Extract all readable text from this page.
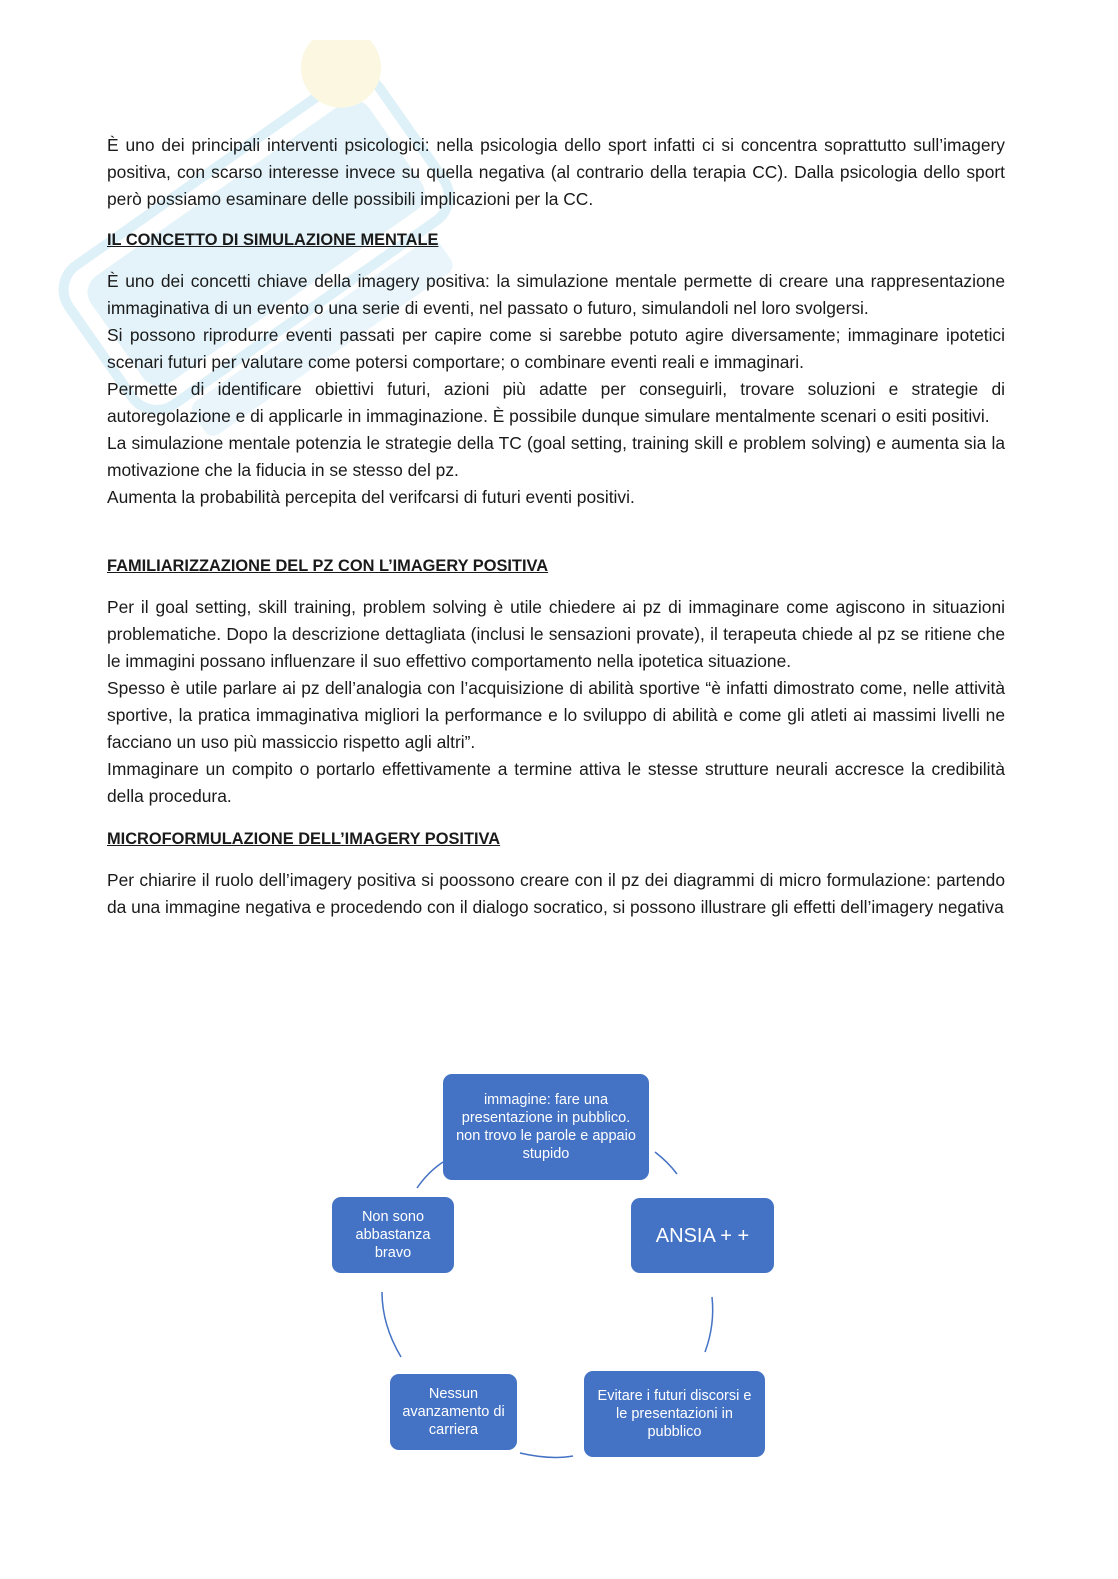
È uno dei principali interventi psicologici: nella psicologia dello sport infatti ci si concentra soprattutto sull’imagery positiva, con scarso interesse invece su quella negativa (al contrario della terapia CC). Dalla psicologia dello sport però possiamo esaminare delle possibili implicazioni per la CC.

IL CONCETTO DI SIMULAZIONE MENTALE

È uno dei concetti chiave della imagery positiva: la simulazione mentale permette di creare una rappresentazione immaginativa di un evento o una serie di eventi, nel passato o futuro, simulandoli nel loro svolgersi.

Si possono riprodurre eventi passati per capire come si sarebbe potuto agire diversamente; immaginare ipotetici scenari futuri per valutare come potersi comportare; o combinare eventi reali e immaginari.

Permette di identificare obiettivi futuri, azioni più adatte per conseguirli, trovare soluzioni e strategie di autoregolazione e di applicarle in immaginazione. È possibile dunque simulare mentalmente scenari o esiti positivi.

La simulazione mentale potenzia le strategie della TC (goal setting, training skill e problem solving) e aumenta sia la motivazione che la fiducia in se stesso del pz.

Aumenta la probabilità percepita del verifcarsi di futuri eventi positivi.

FAMILIARIZZAZIONE DEL PZ CON L’IMAGERY POSITIVA

Per il goal setting, skill training, problem solving è utile chiedere ai pz di immaginare come agiscono in situazioni problematiche. Dopo la descrizione dettagliata (inclusi le sensazioni provate), il terapeuta chiede al pz se ritiene che le immagini possano influenzare il suo effettivo comportamento nella ipotetica situazione.

Spesso è utile parlare ai pz dell’analogia con l’acquisizione di abilità sportive “è infatti dimostrato come, nelle attività sportive, la pratica immaginativa migliori la performance e lo sviluppo di abilità e come gli atleti ai massimi livelli ne facciano un uso più massiccio rispetto agli altri”.

Immaginare un compito o portarlo effettivamente a termine attiva le stesse strutture neurali accresce la credibilità della procedura.

MICROFORMULAZIONE DELL’IMAGERY POSITIVA

Per chiarire il ruolo dell’imagery positiva si poossono creare con il pz dei diagrammi di micro formulazione: partendo da una immagine negativa e procedendo con il dialogo socratico, si possono illustrare gli effetti dell’imagery negativa

immagine: fare una presentazione in pubblico. non trovo le parole e appaio stupido
ANSIA + +
Evitare i futuri discorsi e le presentazioni in pubblico
Nessun avanzamento di carriera
Non sono abbastanza bravo
